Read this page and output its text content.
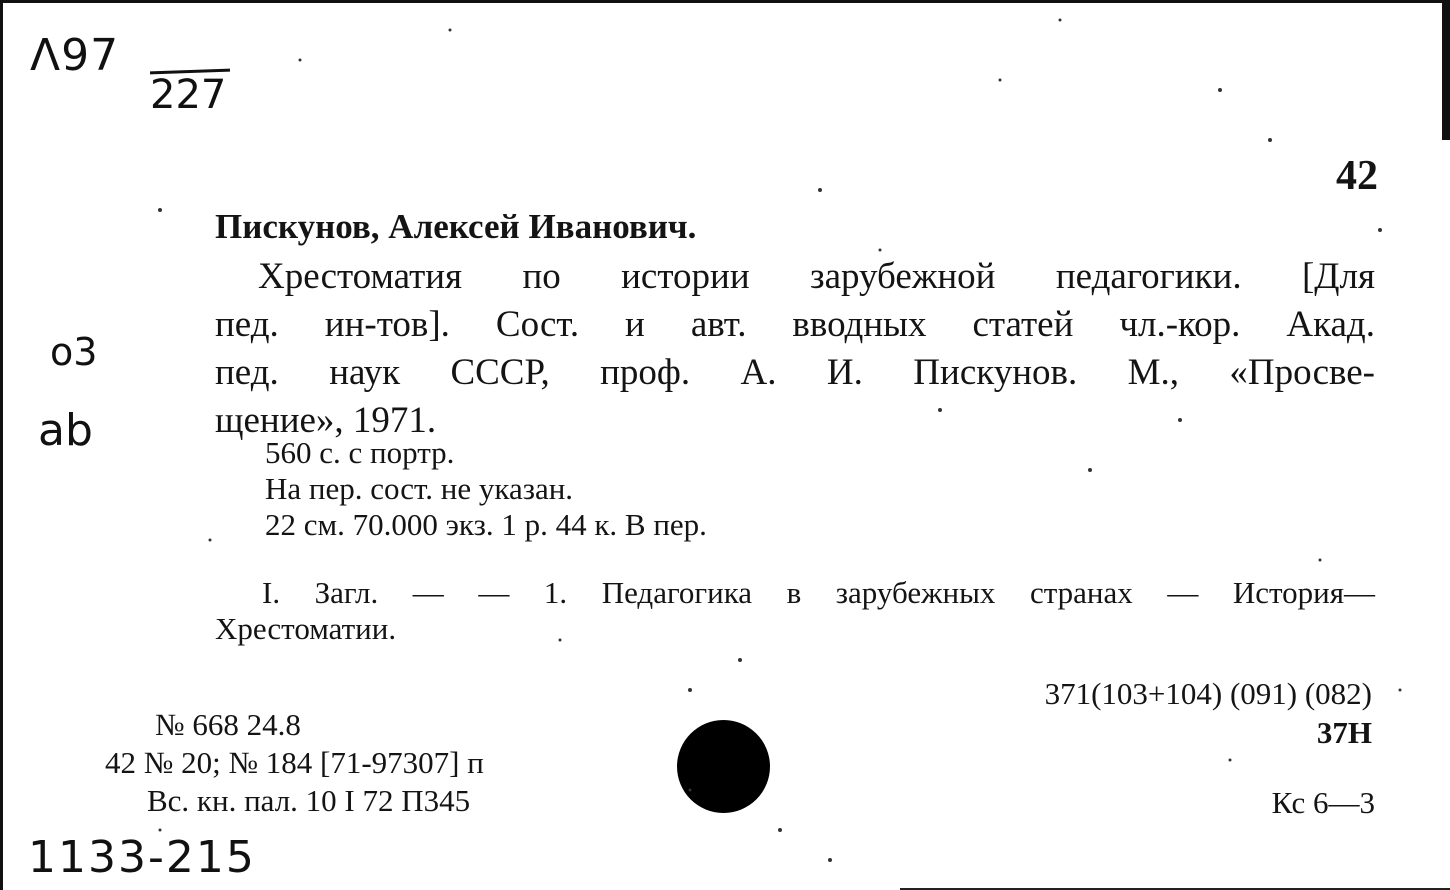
Λ97
227
o3
ab
1133-215
42
Пискунов, Алексей Иванович.
Хрестоматия по истории зарубежной педагогики. [Для
пед. ин-тов]. Сост. и авт. вводных статей чл.-кор. Акад.
пед. наук СССР, проф. А. И. Пискунов. М., «Просве-
щение», 1971.
560 с. с портр.
На пер. сост. не указан.
22 см. 70.000 экз. 1 р. 44 к. В пер.
I. Загл. — — 1. Педагогика в зарубежных странах — История—
Хрестоматии.
371(103+104) (091) (082)
37Н
Кс 6—3
№ 668 24.8
42 № 20; № 184 [71-97307] п
Вс. кн. пал. 10 I 72 П345
